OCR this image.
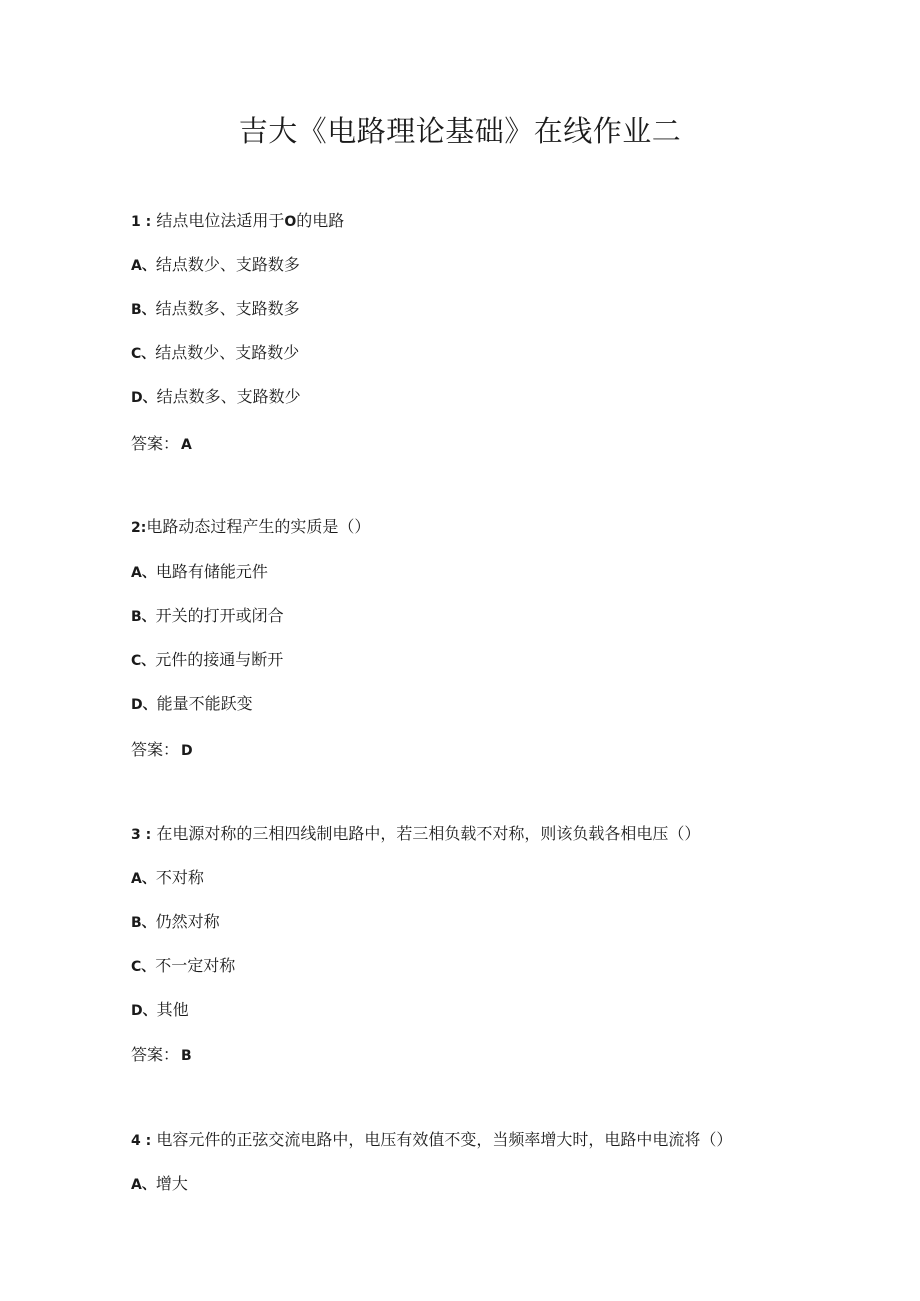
吉大《电路理论基础》在线作业二

1 : 结点电位法适用于O的电路

A、结点数少、支路数多

B、结点数多、支路数多

C、结点数少、支路数少

D、结点数多、支路数少

答案： A

2:电路动态过程产生的实质是（）

A、电路有储能元件

B、开关的打开或闭合

C、元件的接通与断开

D、能量不能跃变

答案： D

3 : 在电源对称的三相四线制电路中，若三相负载不对称，则该负载各相电压（）

A、不对称

B、仍然对称

C、不一定对称

D、其他

答案： B

4 : 电容元件的正弦交流电路中，电压有效值不变，当频率增大时，电路中电流将（）

A、增大
